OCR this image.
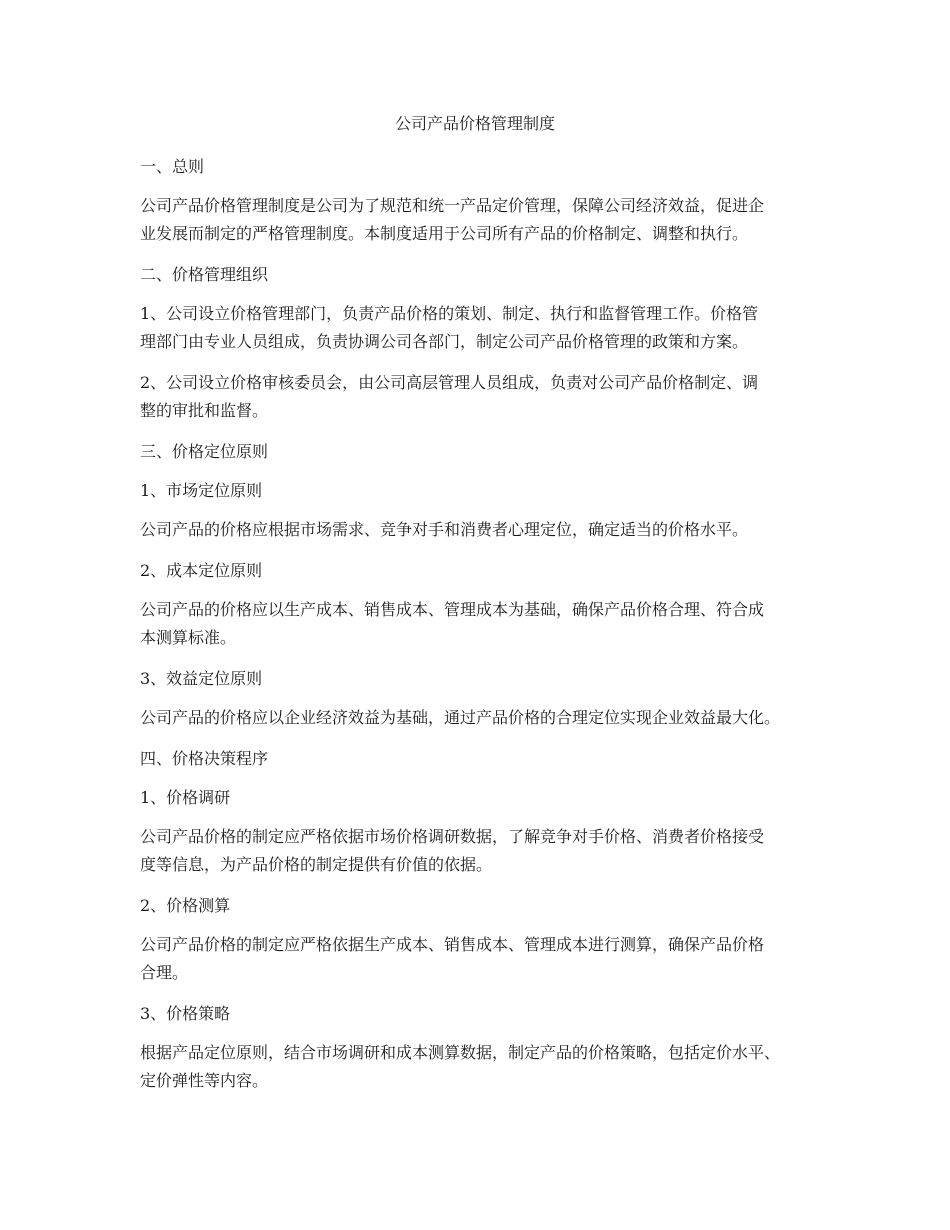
公司产品价格管理制度

一、总则

公司产品价格管理制度是公司为了规范和统一产品定价管理，保障公司经济效益，促进企
业发展而制定的严格管理制度。本制度适用于公司所有产品的价格制定、调整和执行。

二、价格管理组织

1、公司设立价格管理部门，负责产品价格的策划、制定、执行和监督管理工作。价格管
理部门由专业人员组成，负责协调公司各部门，制定公司产品价格管理的政策和方案。

2、公司设立价格审核委员会，由公司高层管理人员组成，负责对公司产品价格制定、调
整的审批和监督。

三、价格定位原则

1、市场定位原则

公司产品的价格应根据市场需求、竞争对手和消费者心理定位，确定适当的价格水平。

2、成本定位原则

公司产品的价格应以生产成本、销售成本、管理成本为基础，确保产品价格合理、符合成
本测算标准。

3、效益定位原则

公司产品的价格应以企业经济效益为基础，通过产品价格的合理定位实现企业效益最大化。

四、价格决策程序

1、价格调研

公司产品价格的制定应严格依据市场价格调研数据，了解竞争对手价格、消费者价格接受
度等信息，为产品价格的制定提供有价值的依据。

2、价格测算

公司产品价格的制定应严格依据生产成本、销售成本、管理成本进行测算，确保产品价格
合理。

3、价格策略

根据产品定位原则，结合市场调研和成本测算数据，制定产品的价格策略，包括定价水平、
定价弹性等内容。
